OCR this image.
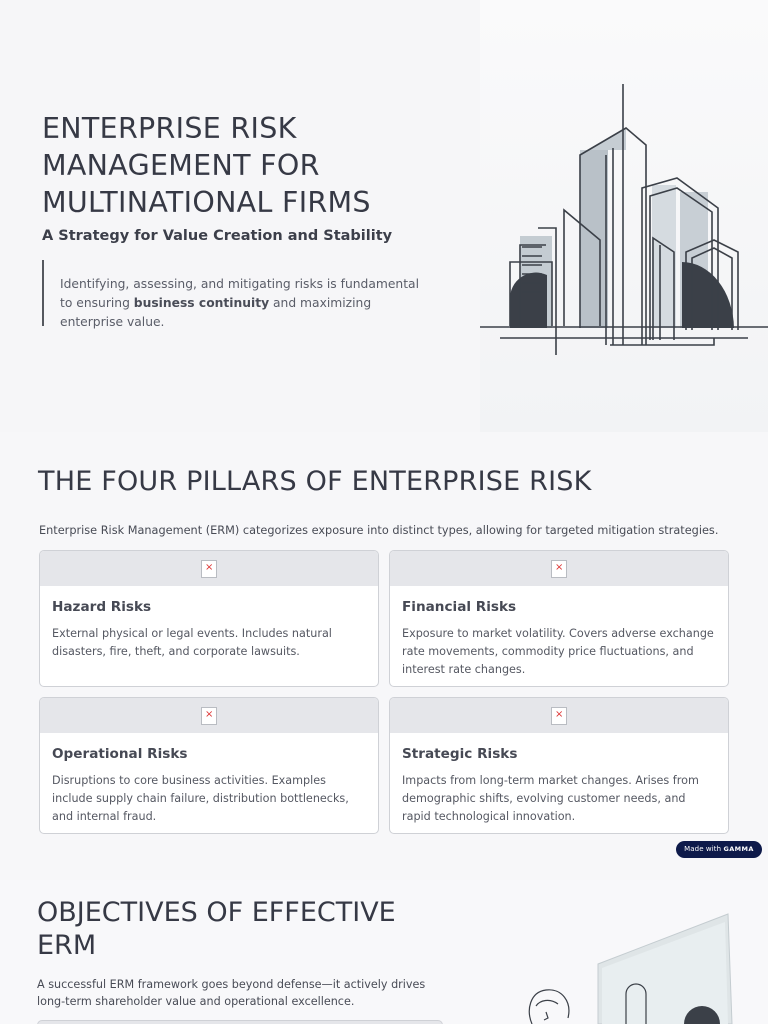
ENTERPRISE RISK MANAGEMENT FOR MULTINATIONAL FIRMS
A Strategy for Value Creation and Stability

Identifying, assessing, and mitigating risks is fundamental to ensuring business continuity and maximizing enterprise value.

THE FOUR PILLARS OF ENTERPRISE RISK

Enterprise Risk Management (ERM) categorizes exposure into distinct types, allowing for targeted mitigation strategies.

×
Hazard Risks

External physical or legal events. Includes natural disasters, fire, theft, and corporate lawsuits.

×
Financial Risks

Exposure to market volatility. Covers adverse exchange rate movements, commodity price fluctuations, and interest rate changes.

×
Operational Risks

Disruptions to core business activities. Examples include supply chain failure, distribution bottlenecks, and internal fraud.

×
Strategic Risks

Impacts from long-term market changes. Arises from demographic shifts, evolving customer needs, and rapid technological innovation.

Made with GAMMA
OBJECTIVES OF EFFECTIVE ERM

A successful ERM framework goes beyond defense—it actively drives long-term shareholder value and operational excellence.
